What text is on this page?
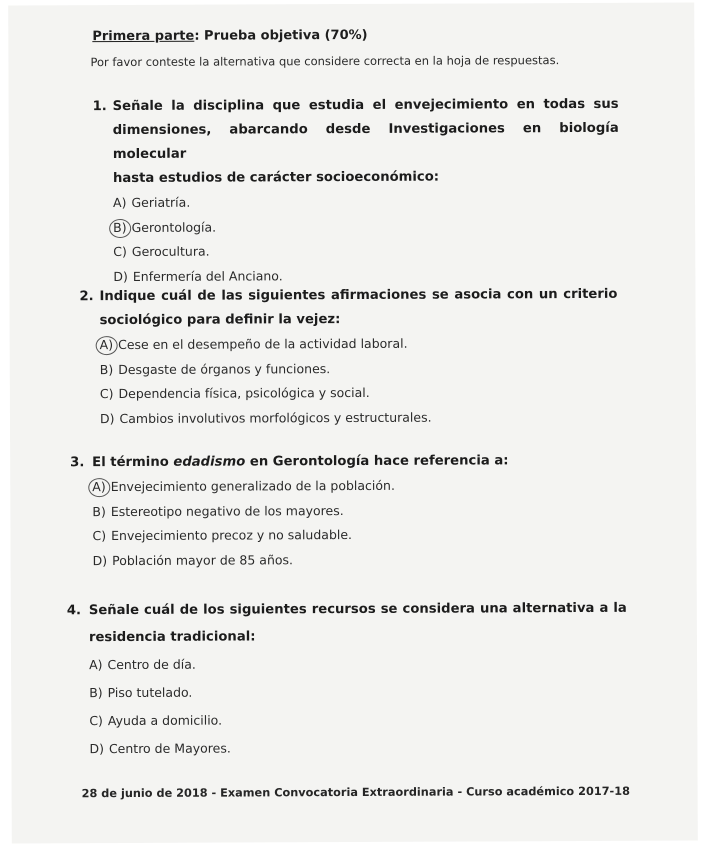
Primera parte: Prueba objetiva (70%)
Por favor conteste la alternativa que considere correcta en la hoja de respuestas.
1. Señale la disciplina que estudia el envejecimiento en todas sus
dimensiones, abarcando desde Investigaciones en biología molecular
hasta estudios de carácter socioeconómico:
A) Geriatría.
B) Gerontología.
C) Gerocultura.
D) Enfermería del Anciano.
2. Indique cuál de las siguientes afirmaciones se asocia con un criterio
sociológico para definir la vejez:
A) Cese en el desempeño de la actividad laboral.
B) Desgaste de órganos y funciones.
C) Dependencia física, psicológica y social.
D) Cambios involutivos morfológicos y estructurales.
3. El término edadismo en Gerontología hace referencia a:
A) Envejecimiento generalizado de la población.
B) Estereotipo negativo de los mayores.
C) Envejecimiento precoz y no saludable.
D) Población mayor de 85 años.
4. Señale cuál de los siguientes recursos se considera una alternativa a la
residencia tradicional:
A) Centro de día.
B) Piso tutelado.
C) Ayuda a domicilio.
D) Centro de Mayores.
28 de junio de 2018 - Examen Convocatoria Extraordinaria - Curso académico 2017-18
